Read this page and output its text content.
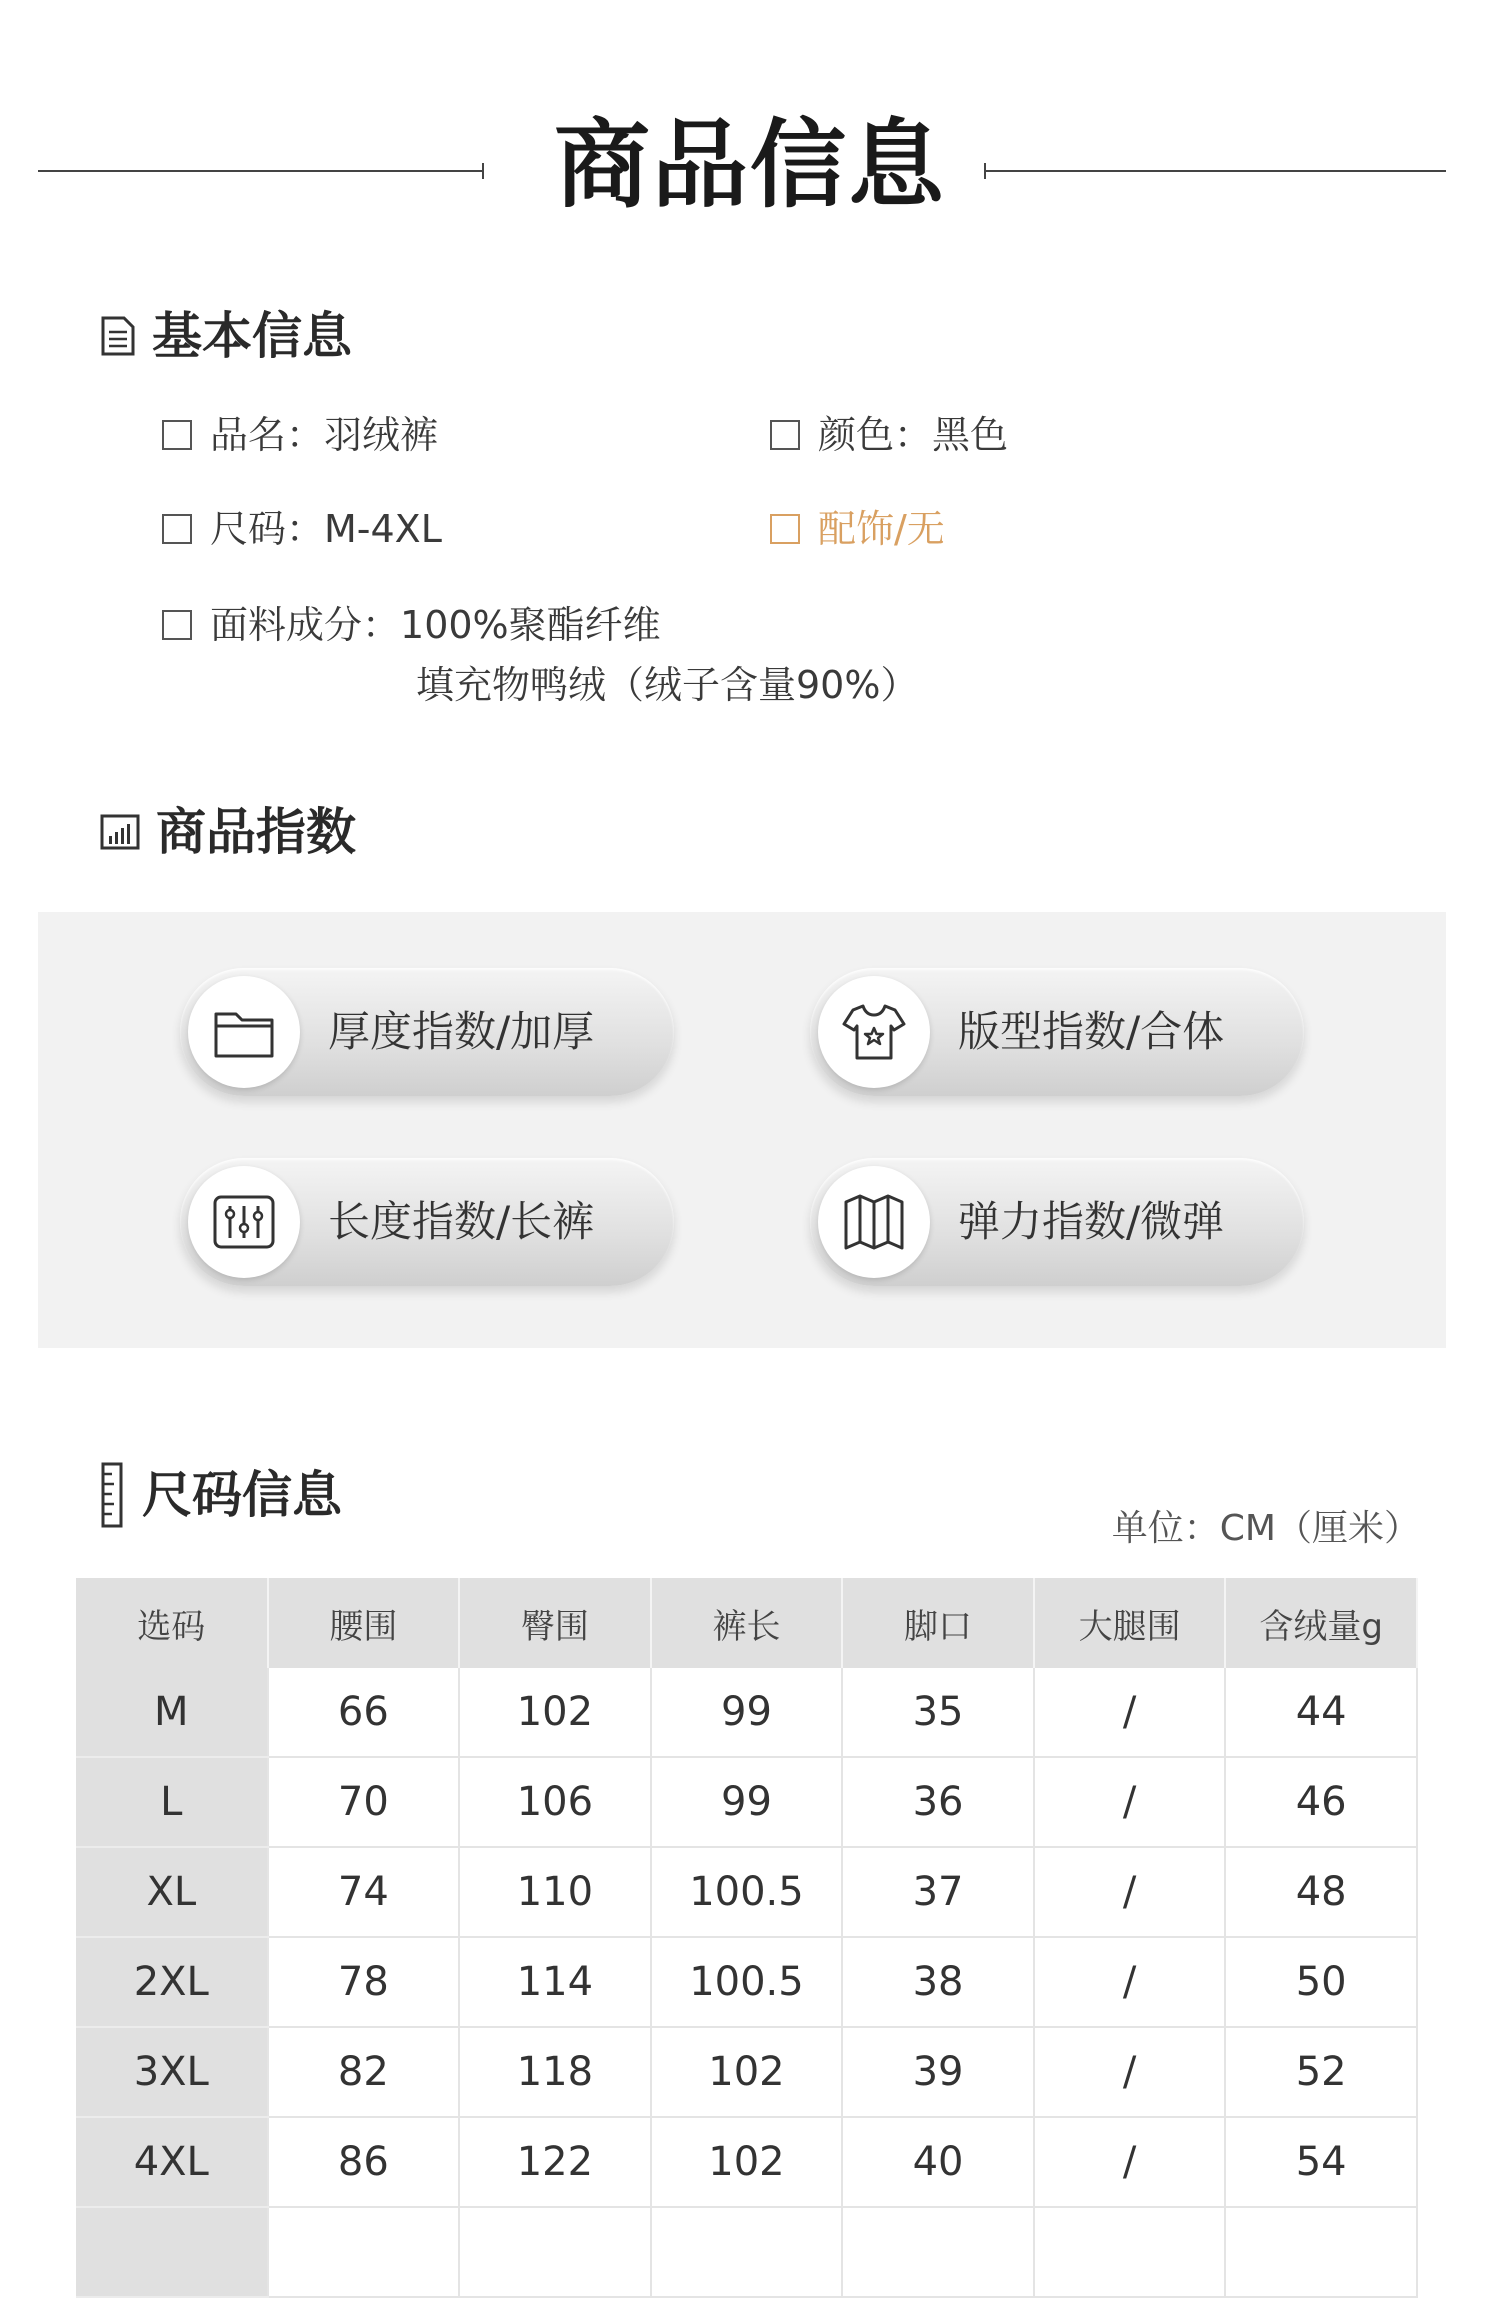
商品信息
基本信息
品名：羽绒裤	颜色：黑色
尺码：M-4XL	配饰/无
面料成分：100%聚酯纤维
填充物鸭绒（绒子含量90%）
商品指数
厚度指数/加厚	版型指数/合体
长度指数/长裤	弹力指数/微弹
尺码信息
单位：CM（厘米）
选码	腰围	臀围	裤长	脚口	大腿围	含绒量g
M	66	102	99	35	/	44
L	70	106	99	36	/	46
XL	74	110	100.5	37	/	48
2XL	78	114	100.5	38	/	50
3XL	82	118	102	39	/	52
4XL	86	122	102	40	/	54
